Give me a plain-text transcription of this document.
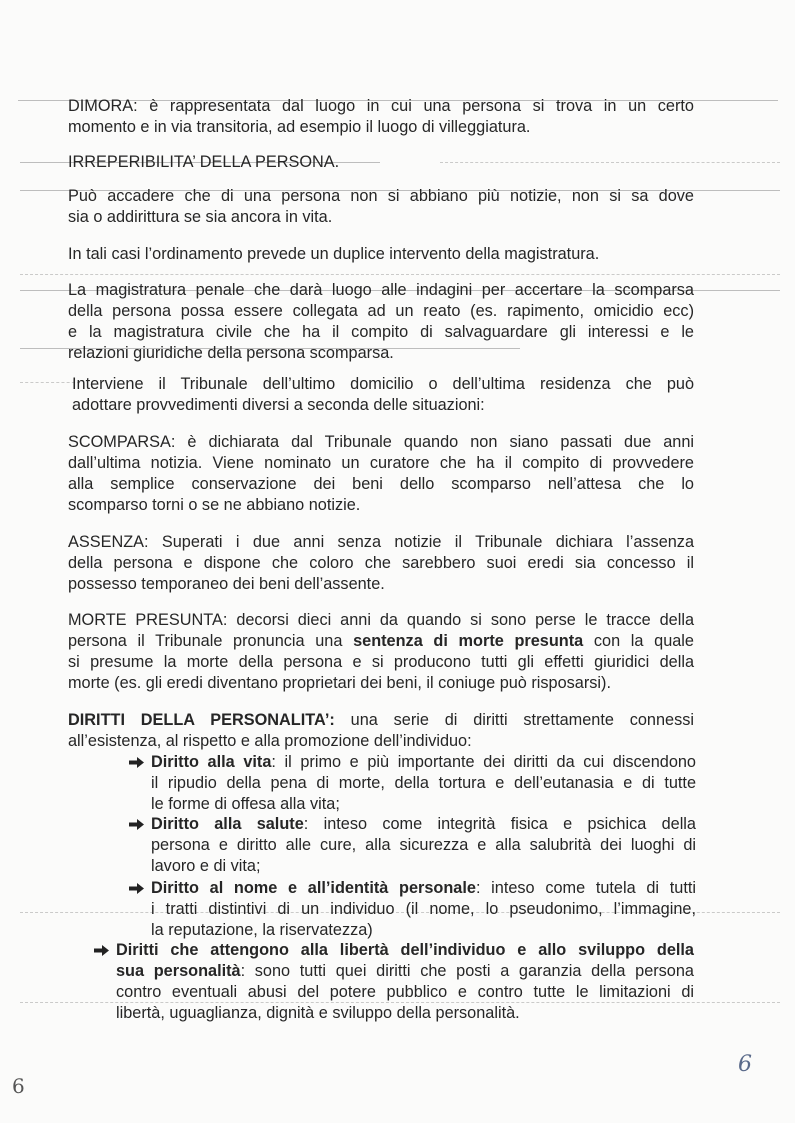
DIMORA: è rappresentata dal luogo in cui una persona si trova in un certo
momento e in via transitoria, ad esempio il luogo di villeggiatura.
IRREPERIBILITA’ DELLA PERSONA.
Può accadere che di una persona non si abbiano più notizie, non si sa dove
sia o addirittura se sia ancora in vita.
In tali casi l’ordinamento prevede un duplice intervento della magistratura.
La magistratura penale che darà luogo alle indagini per accertare la scomparsa
della persona possa essere collegata ad un reato (es. rapimento, omicidio ecc)
e la magistratura civile che ha il compito di salvaguardare gli interessi e le
relazioni giuridiche della persona scomparsa.
Interviene il Tribunale dell’ultimo domicilio o dell’ultima residenza che può
adottare provvedimenti diversi a seconda delle situazioni:
SCOMPARSA: è dichiarata dal Tribunale quando non siano passati due anni
dall’ultima notizia. Viene nominato un curatore che ha il compito di provvedere
alla semplice conservazione dei beni dello scomparso nell’attesa che lo
scomparso torni o se ne abbiano notizie.
ASSENZA: Superati i due anni senza notizie il Tribunale dichiara l’assenza
della persona e dispone che coloro che sarebbero suoi eredi sia concesso il
possesso temporaneo dei beni dell’assente.
MORTE PRESUNTA: decorsi dieci anni da quando si sono perse le tracce della
persona il Tribunale pronuncia una sentenza di morte presunta con la quale
si presume la morte della persona e si producono tutti gli effetti giuridici della
morte (es. gli eredi diventano proprietari dei beni, il coniuge può risposarsi).
DIRITTI DELLA PERSONALITA’: una serie di diritti strettamente connessi
all’esistenza, al rispetto e alla promozione dell’individuo:
Diritto alla vita: il primo e più importante dei diritti da cui discendono
il ripudio della pena di morte, della tortura e dell’eutanasia e di tutte
le forme di offesa alla vita;
Diritto alla salute: inteso come integrità fisica e psichica della
persona e diritto alle cure, alla sicurezza e alla salubrità dei luoghi di
lavoro e di vita;
Diritto al nome e all’identità personale: inteso come tutela di tutti
i tratti distintivi di un individuo (il nome, lo pseudonimo, l’immagine,
la reputazione, la riservatezza)
Diritti che attengono alla libertà dell’individuo e allo sviluppo della
sua personalità: sono tutti quei diritti che posti a garanzia della persona
contro eventuali abusi del potere pubblico e contro tutte le limitazioni di
libertà, uguaglianza, dignità e sviluppo della personalità.
6
6
